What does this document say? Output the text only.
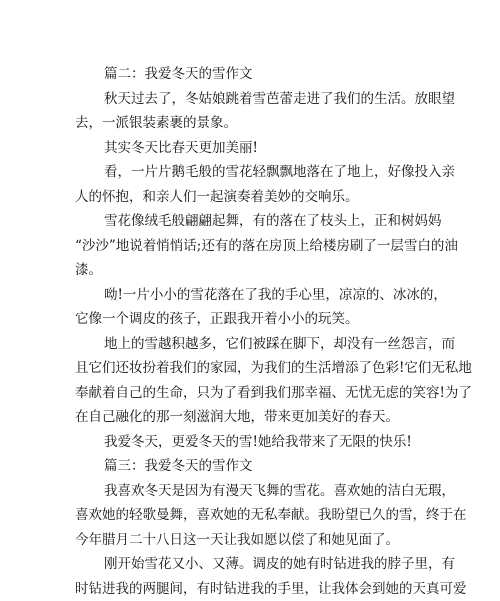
篇二：我爱冬天的雪作文
秋天过去了，冬姑娘跳着雪芭蕾走进了我们的生活。放眼望
去，一派银装素裹的景象。
其实冬天比春天更加美丽!
看，一片片鹅毛般的雪花轻飘飘地落在了地上，好像投入亲
人的怀抱，和亲人们一起演奏着美妙的交响乐。
雪花像绒毛般翩翩起舞，有的落在了枝头上，正和树妈妈
“沙沙”地说着悄悄话;还有的落在房顶上给楼房刷了一层雪白的油
漆。
呦!一片小小的雪花落在了我的手心里，凉凉的、冰冰的，
它像一个调皮的孩子，正跟我开着小小的玩笑。
地上的雪越积越多，它们被踩在脚下，却没有一丝怨言，而
且它们还妆扮着我们的家园，为我们的生活增添了色彩!它们无私地
奉献着自己的生命，只为了看到我们那幸福、无忧无虑的笑容!为了
在自己融化的那一刻滋润大地，带来更加美好的春天。
我爱冬天，更爱冬天的雪!她给我带来了无限的快乐!
篇三：我爱冬天的雪作文
我喜欢冬天是因为有漫天飞舞的雪花。喜欢她的洁白无瑕，
喜欢她的轻歌曼舞，喜欢她的无私奉献。我盼望已久的雪，终于在
今年腊月二十八日这一天让我如愿以偿了和她见面了。
刚开始雪花又小、又薄。调皮的她有时钻进我的脖子里，有
时钻进我的两腿间，有时钻进我的手里，让我体会到她的天真可爱
